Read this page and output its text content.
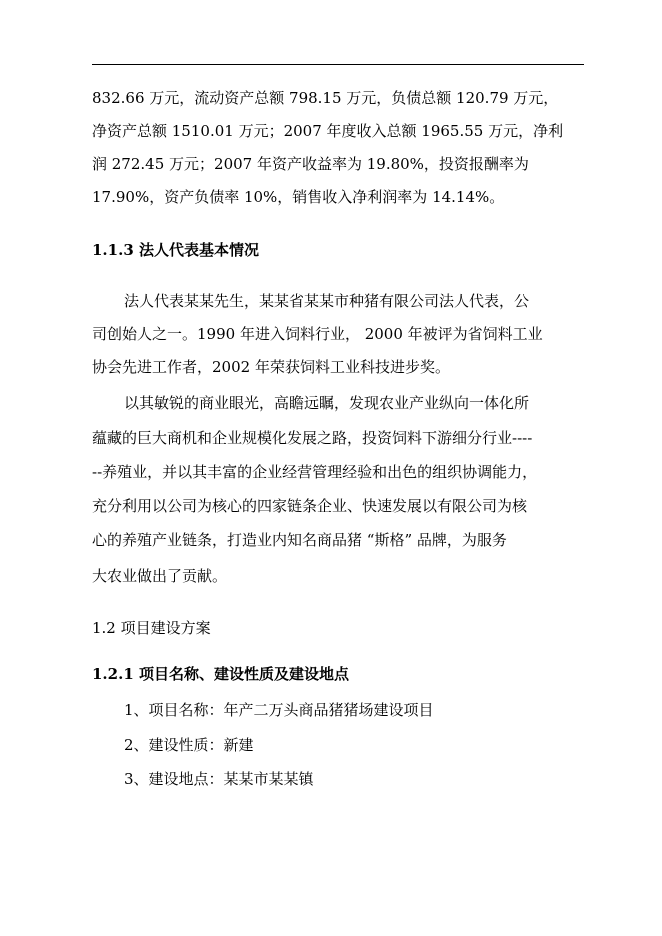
832.66 万元，流动资产总额 798.15 万元，负债总额 120.79 万元，
净资产总额 1510.01 万元；2007 年度收入总额 1965.55 万元，净利
润 272.45 万元；2007 年资产收益率为 19.80%，投资报酬率为
17.90%，资产负债率 10%，销售收入净利润率为 14.14%。
1.1.3 法人代表基本情况
法人代表某某先生，某某省某某市种猪有限公司法人代表，公
司创始人之一。1990 年进入饲料行业， 2000 年被评为省饲料工业
协会先进工作者，2002 年荣获饲料工业科技进步奖。
以其敏锐的商业眼光，高瞻远瞩，发现农业产业纵向一体化所
蕴藏的巨大商机和企业规模化发展之路，投资饲料下游细分行业----
--养殖业，并以其丰富的企业经营管理经验和出色的组织协调能力，
充分利用以公司为核心的四家链条企业、快速发展以有限公司为核
心的养殖产业链条，打造业内知名商品猪 “斯格” 品牌，为服务
大农业做出了贡献。
1.2 项目建设方案
1.2.1 项目名称、建设性质及建设地点
1、项目名称：年产二万头商品猪猪场建设项目
2、建设性质：新建
3、建设地点：某某市某某镇
